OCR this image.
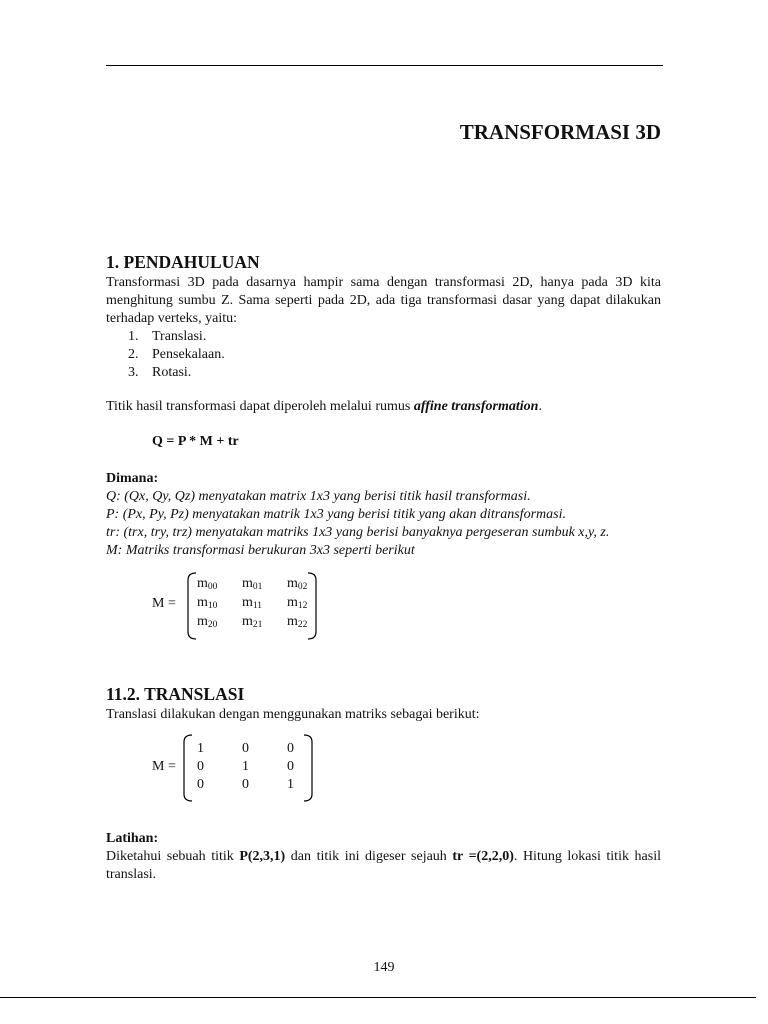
TRANSFORMASI 3D
1. PENDAHULUAN
Transformasi 3D pada dasarnya hampir sama dengan transformasi 2D, hanya pada 3D kita menghitung sumbu Z. Sama seperti pada 2D, ada tiga transformasi dasar yang dapat dilakukan terhadap verteks, yaitu:
1. Translasi.
2. Pensekalaan.
3. Rotasi.
Titik hasil transformasi dapat diperoleh melalui rumus affine transformation.
Q = P * M + tr
Dimana:
Q: (Qx, Qy, Qz) menyatakan matrix 1x3 yang berisi titik hasil transformasi.
P: (Px, Py, Pz) menyatakan matrik 1x3 yang berisi titik yang akan ditransformasi.
tr: (trx, try, trz) menyatakan matriks 1x3 yang berisi banyaknya pergeseran sumbuk x,y, z.
M: Matriks transformasi berukuran 3x3 seperti berikut
M =
$m_{00}$ $m_{01}$ $m_{02}$
$m_{10}$ $m_{11}$ $m_{12}$
$m_{20}$ $m_{21}$ $m_{22}$
11.2. TRANSLASI
Translasi dilakukan dengan menggunakan matriks sebagai berikut:
M =
1	0	0
0	1	0
0	0	1
Latihan:
Diketahui sebuah titik P(2,3,1) dan titik ini digeser sejauh tr =(2,2,0). Hitung lokasi titik hasil translasi.
149
